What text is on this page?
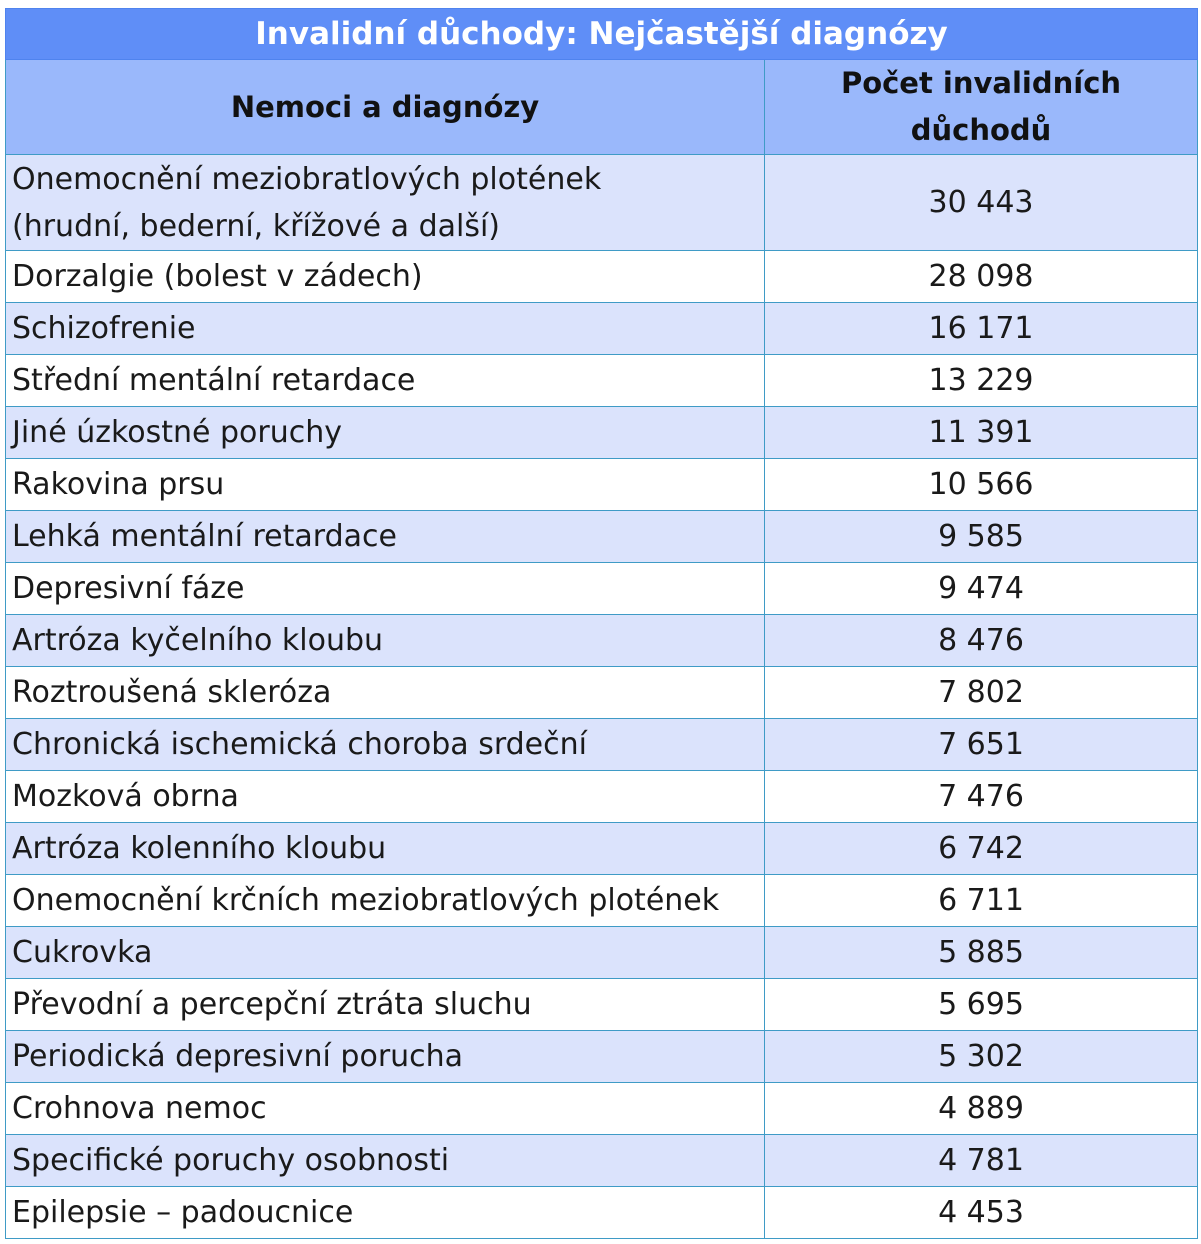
Invalidní důchody: Nejčastější diagnózy	
Nemoci a diagnózy	Počet invalidních
důchodů
Onemocnění meziobratlových plotének
(hrudní, bederní, křížové a další)	30 443
Dorzalgie (bolest v zádech)	28 098
Schizofrenie	16 171
Střední mentální retardace	13 229
Jiné úzkostné poruchy	11 391
Rakovina prsu	10 566
Lehká mentální retardace	9 585
Depresivní fáze	9 474
Artróza kyčelního kloubu	8 476
Roztroušená skleróza	7 802
Chronická ischemická choroba srdeční	7 651
Mozková obrna	7 476
Artróza kolenního kloubu	6 742
Onemocnění krčních meziobratlových plotének	6 711
Cukrovka	5 885
Převodní a percepční ztráta sluchu	5 695
Periodická depresivní porucha	5 302
Crohnova nemoc	4 889
Specifické poruchy osobnosti	4 781
Epilepsie – padoucnice	4 453
